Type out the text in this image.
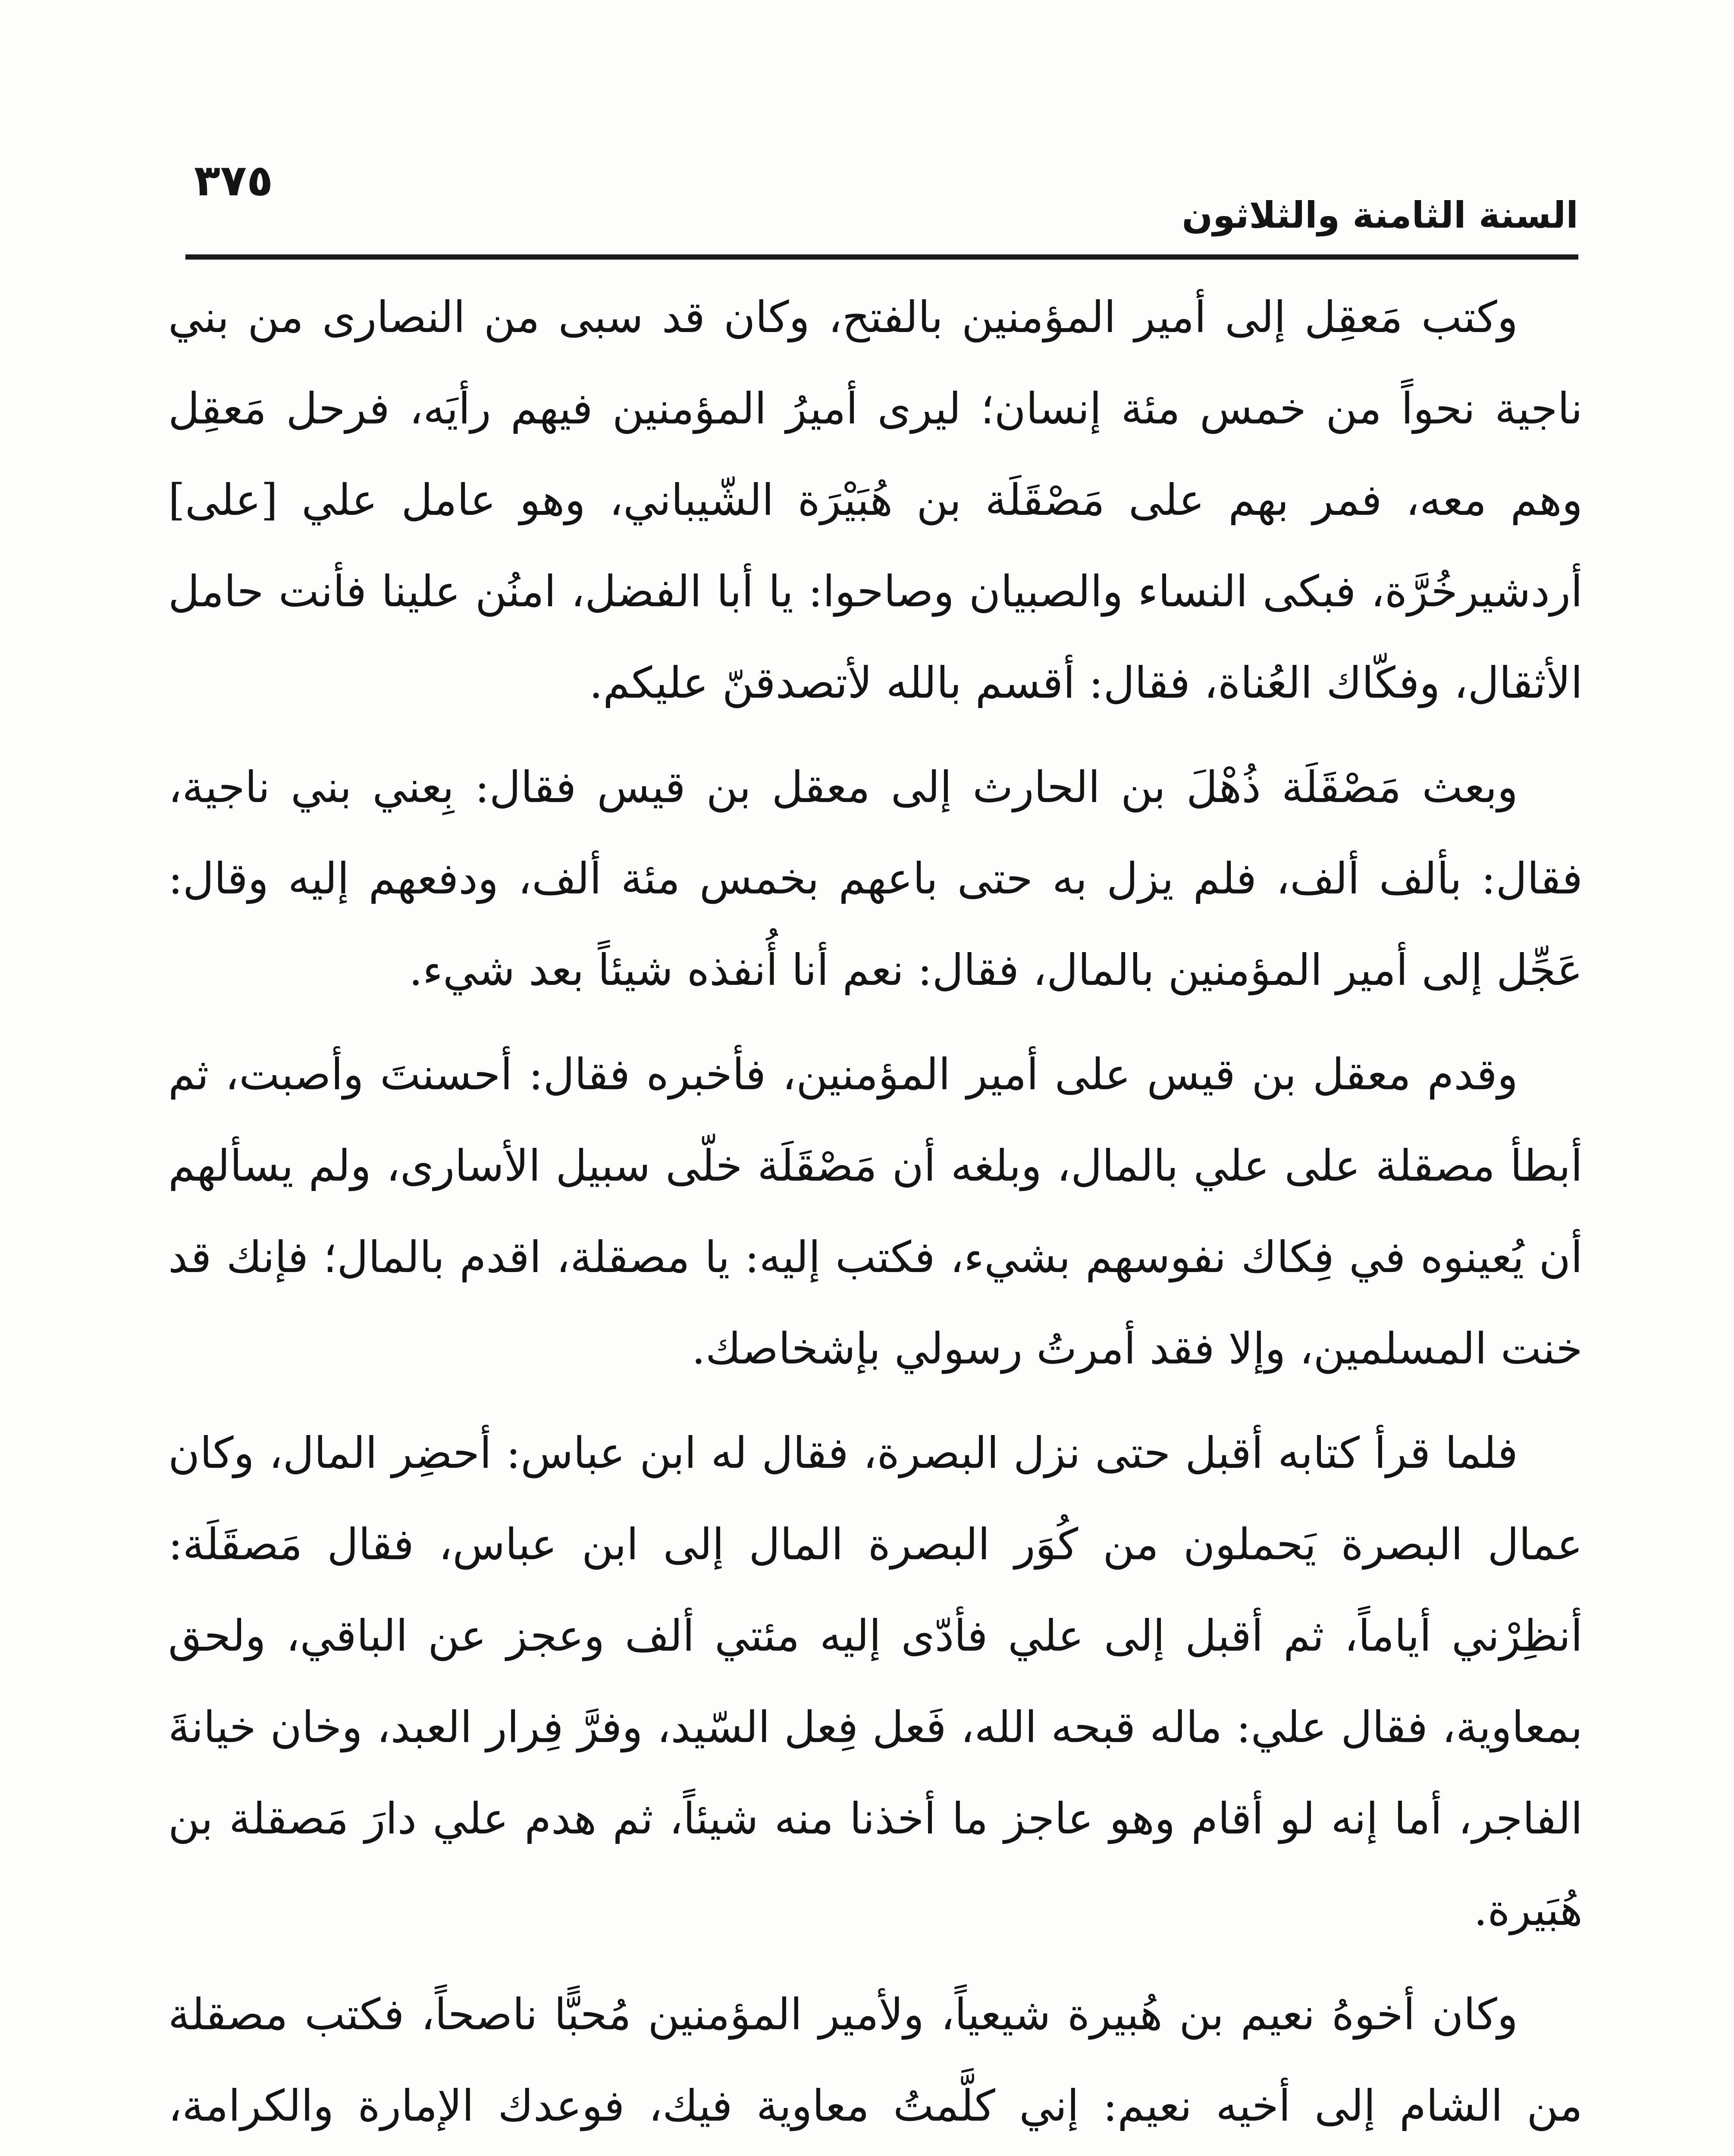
السنة الثامنة والثلاثون
٣٧٥

وكتب مَعقِل إلى أمير المؤمنين بالفتح، وكان قد سبى من النصارى من بني ناجية نحواً من خمس مئة إنسان؛ ليرى أميرُ المؤمنين فيهم رأيَه، فرحل مَعقِل وهم معه، فمر بهم على مَصْقَلَة بن هُبَيْرَة الشّيباني، وهو عامل علي [على] أردشيرخُرَّة، فبكى النساء والصبيان وصاحوا: يا أبا الفضل، امنُن علينا فأنت حامل الأثقال، وفكّاك العُناة، فقال: أقسم بالله لأتصدقنّ عليكم.

وبعث مَصْقَلَة ذُهْلَ بن الحارث إلى معقل بن قيس فقال: بِعني بني ناجية، فقال: بألف ألف، فلم يزل به حتى باعهم بخمس مئة ألف، ودفعهم إليه وقال: عَجِّل إلى أمير المؤمنين بالمال، فقال: نعم أنا أُنفذه شيئاً بعد شيء.

وقدم معقل بن قيس على أمير المؤمنين، فأخبره فقال: أحسنتَ وأصبت، ثم أبطأ مصقلة على علي بالمال، وبلغه أن مَصْقَلَة خلّى سبيل الأسارى، ولم يسألهم أن يُعينوه في فِكاك نفوسهم بشيء، فكتب إليه: يا مصقلة، اقدم بالمال؛ فإنك قد خنت المسلمين، وإلا فقد أمرتُ رسولي بإشخاصك.

فلما قرأ كتابه أقبل حتى نزل البصرة، فقال له ابن عباس: أحضِر المال، وكان عمال البصرة يَحملون من كُوَر البصرة المال إلى ابن عباس، فقال مَصقَلَة: أنظِرْني أياماً، ثم أقبل إلى علي فأدّى إليه مئتي ألف وعجز عن الباقي، ولحق بمعاوية، فقال علي: ماله قبحه الله، فَعل فِعل السّيد، وفرَّ فِرار العبد، وخان خيانةَ الفاجر، أما إنه لو أقام وهو عاجز ما أخذنا منه شيئاً، ثم هدم علي دارَ مَصقلة بن هُبَيرة.

وكان أخوهُ نعيم بن هُبيرة شيعياً، ولأمير المؤمنين مُحبًّا ناصحاً، فكتب مصقلة من الشام إلى أخيه نعيم: إني كلَّمتُ معاوية فيك، فوعدك الإمارة والكرامة،
